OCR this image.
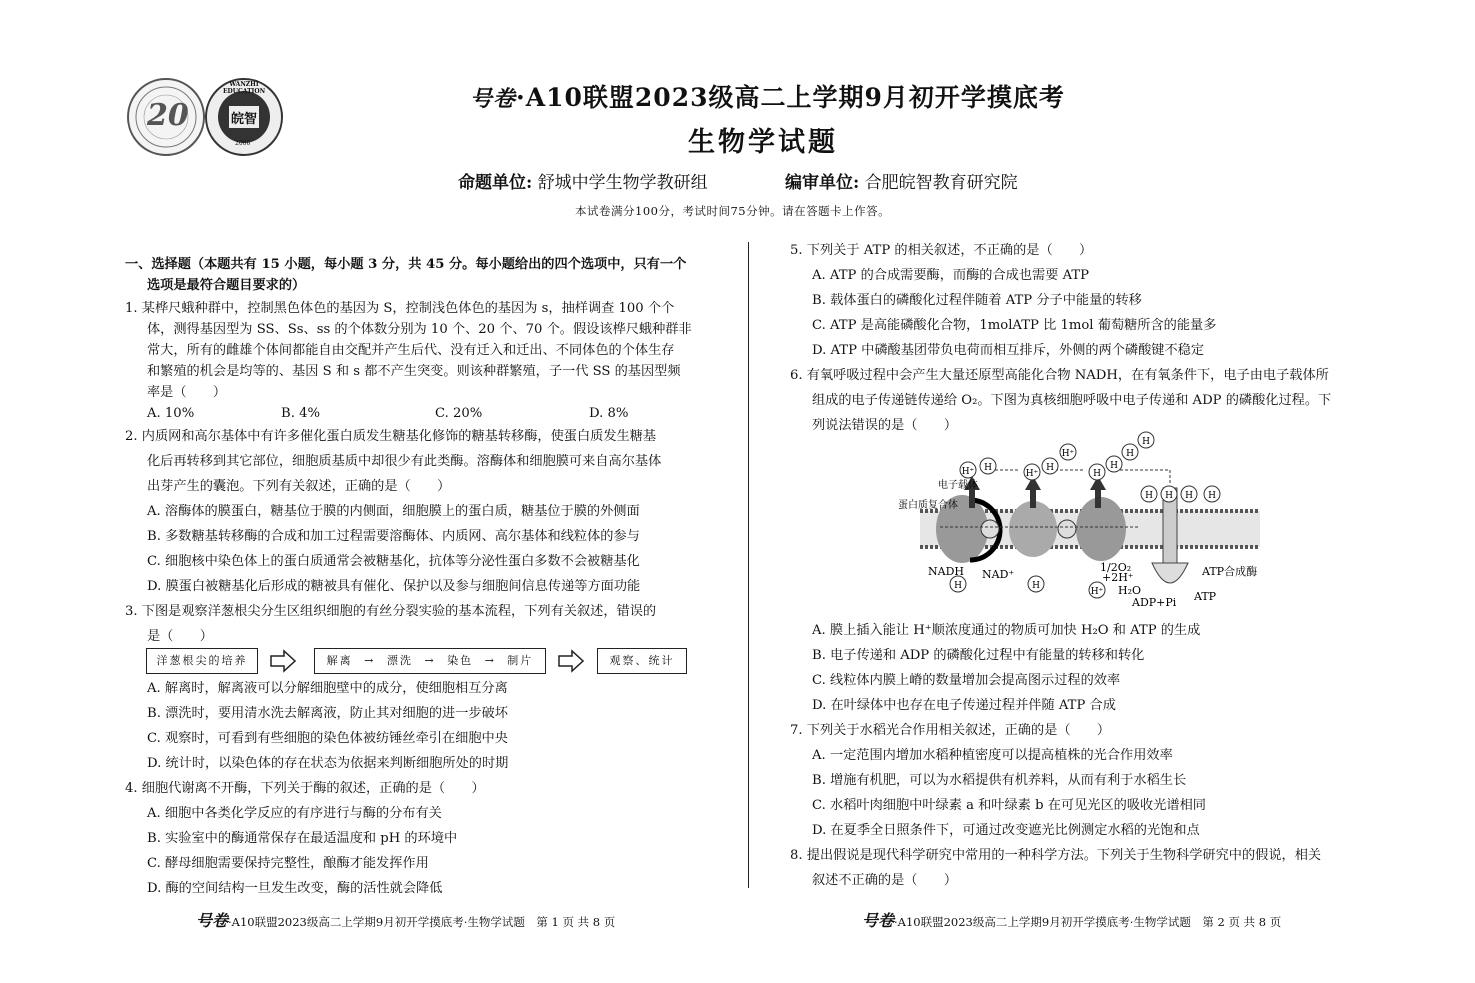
20
WANZHI EDUCATION
皖智
2006
号卷·A10联盟2023级高二上学期9月初开学摸底考
生物学试题
命题单位: 舒城中学生物学教研组	编审单位: 合肥皖智教育研究院
本试卷满分100分，考试时间75分钟。请在答题卡上作答。

一、选择题（本题共有 15 小题，每小题 3 分，共 45 分。每小题给出的四个选项中，只有一个

选项是最符合题目要求的）

1. 某桦尺蛾种群中，控制黑色体色的基因为 S，控制浅色体色的基因为 s，抽样调查 100 个个

体，测得基因型为 SS、Ss、ss 的个体数分别为 10 个、20 个、70 个。假设该桦尺蛾种群非

常大，所有的雌雄个体间都能自由交配并产生后代、没有迁入和迁出、不同体色的个体生存

和繁殖的机会是均等的、基因 S 和 s 都不产生突变。则该种群繁殖，子一代 SS 的基因型频

率是（　　）

A. 10%	B. 4%	C. 20%	D. 8%

2. 内质网和高尔基体中有许多催化蛋白质发生糖基化修饰的糖基转移酶，使蛋白质发生糖基

化后再转移到其它部位，细胞质基质中却很少有此类酶。溶酶体和细胞膜可来自高尔基体

出芽产生的囊泡。下列有关叙述，正确的是（　　）

A. 溶酶体的膜蛋白，糖基位于膜的内侧面，细胞膜上的蛋白质，糖基位于膜的外侧面

B. 多数糖基转移酶的合成和加工过程需要溶酶体、内质网、高尔基体和线粒体的参与

C. 细胞核中染色体上的蛋白质通常会被糖基化，抗体等分泌性蛋白多数不会被糖基化

D. 膜蛋白被糖基化后形成的糖被具有催化、保护以及参与细胞间信息传递等方面功能

3. 下图是观察洋葱根尖分生区组织细胞的有丝分裂实验的基本流程，下列有关叙述，错误的

是（　　）

A. 解离时，解离液可以分解细胞壁中的成分，使细胞相互分离

B. 漂洗时，要用清水洗去解离液，防止其对细胞的进一步破坏

C. 观察时，可看到有些细胞的染色体被纺锤丝牵引在细胞中央

D. 统计时，以染色体的存在状态为依据来判断细胞所处的时期

4. 细胞代谢离不开酶，下列关于酶的叙述，正确的是（　　）

A. 细胞中各类化学反应的有序进行与酶的分布有关

B. 实验室中的酶通常保存在最适温度和 pH 的环境中

C. 酵母细胞需要保持完整性，酿酶才能发挥作用

D. 酶的空间结构一旦发生改变，酶的活性就会降低

洋葱根尖的培养	解离 → 漂洗 → 染色 → 制片	观察、统计

5. 下列关于 ATP 的相关叙述，不正确的是（　　）

A. ATP 的合成需要酶，而酶的合成也需要 ATP

B. 载体蛋白的磷酸化过程伴随着 ATP 分子中能量的转移

C. ATP 是高能磷酸化合物，1molATP 比 1mol 葡萄糖所含的能量多

D. ATP 中磷酸基团带负电荷而相互排斥，外侧的两个磷酸键不稳定

6. 有氧呼吸过程中会产生大量还原型高能化合物 NADH，在有氧条件下，电子由电子载体所

组成的电子传递链传递给 O₂。下图为真核细胞呼吸中电子传递和 ADP 的磷酸化过程。下

列说法错误的是（　　）

A. 膜上插入能让 H⁺顺浓度通过的物质可加快 H₂O 和 ATP 的生成

B. 电子传递和 ADP 的磷酸化过程中有能量的转移和转化

C. 线粒体内膜上嵴的数量增加会提高图示过程的效率

D. 在叶绿体中也存在电子传递过程并伴随 ATP 合成

7. 下列关于水稻光合作用相关叙述，正确的是（　　）

A. 一定范围内增加水稻种植密度可以提高植株的光合作用效率

B. 增施有机肥，可以为水稻提供有机养料，从而有利于水稻生长

C. 水稻叶肉细胞中叶绿素 a 和叶绿素 b 在可见光区的吸收光谱相同

D. 在夏季全日照条件下，可通过改变遮光比例测定水稻的光饱和点

8. 提出假说是现代科学研究中常用的一种科学方法。下列关于生物科学研究中的假说，相关

叙述不正确的是（　　）

H⁺ H
H⁺
H
H⁺
H
H
H
H
H H H H
H	H
H⁺
电子载体
蛋白质复合体
NADH NAD⁺
1/2O₂
+2H⁺
H₂O
ADP+Pi ATP
ATP合成酶
号卷·A10联盟2023级高二上学期9月初开学摸底考·生物学试题　第 1 页 共 8 页	号卷·A10联盟2023级高二上学期9月初开学摸底考·生物学试题　第 2 页 共 8 页
